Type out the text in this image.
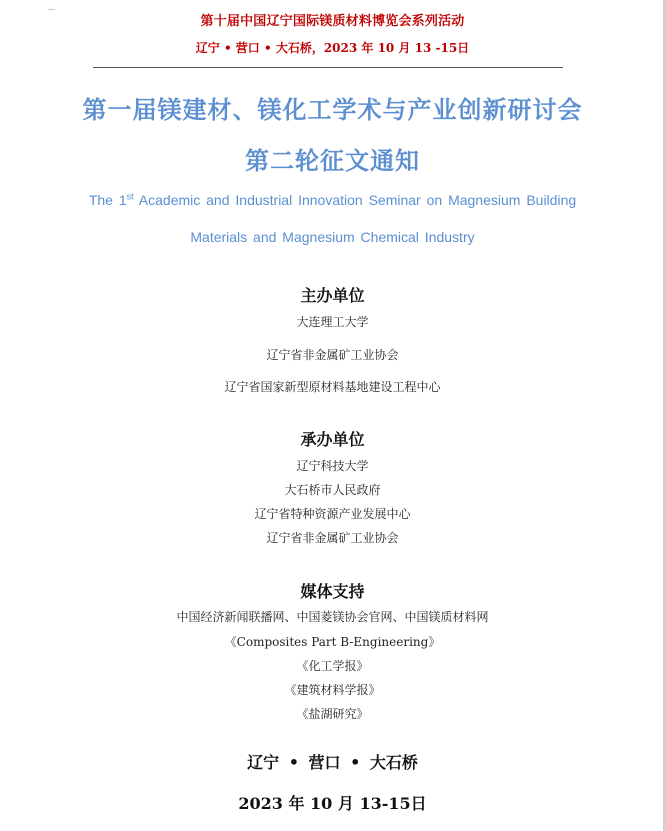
第十届中国辽宁国际镁质材料博览会系列活动
辽宁 • 营口 • 大石桥，2023 年 10 月 13 -15日
第一届镁建材、镁化工学术与产业创新研讨会
第二轮征文通知
The 1st Academic and Industrial Innovation Seminar on Magnesium Building
Materials and Magnesium Chemical Industry
主办单位
大连理工大学
辽宁省非金属矿工业协会
辽宁省国家新型原材料基地建设工程中心
承办单位
辽宁科技大学
大石桥市人民政府
辽宁省特种资源产业发展中心
辽宁省非金属矿工业协会
媒体支持
中国经济新闻联播网、中国菱镁协会官网、中国镁质材料网
《Composites Part B-Engineering》
《化工学报》
《建筑材料学报》
《盐湖研究》
辽宁 • 营口 • 大石桥
2023 年 10 月 13-15日
